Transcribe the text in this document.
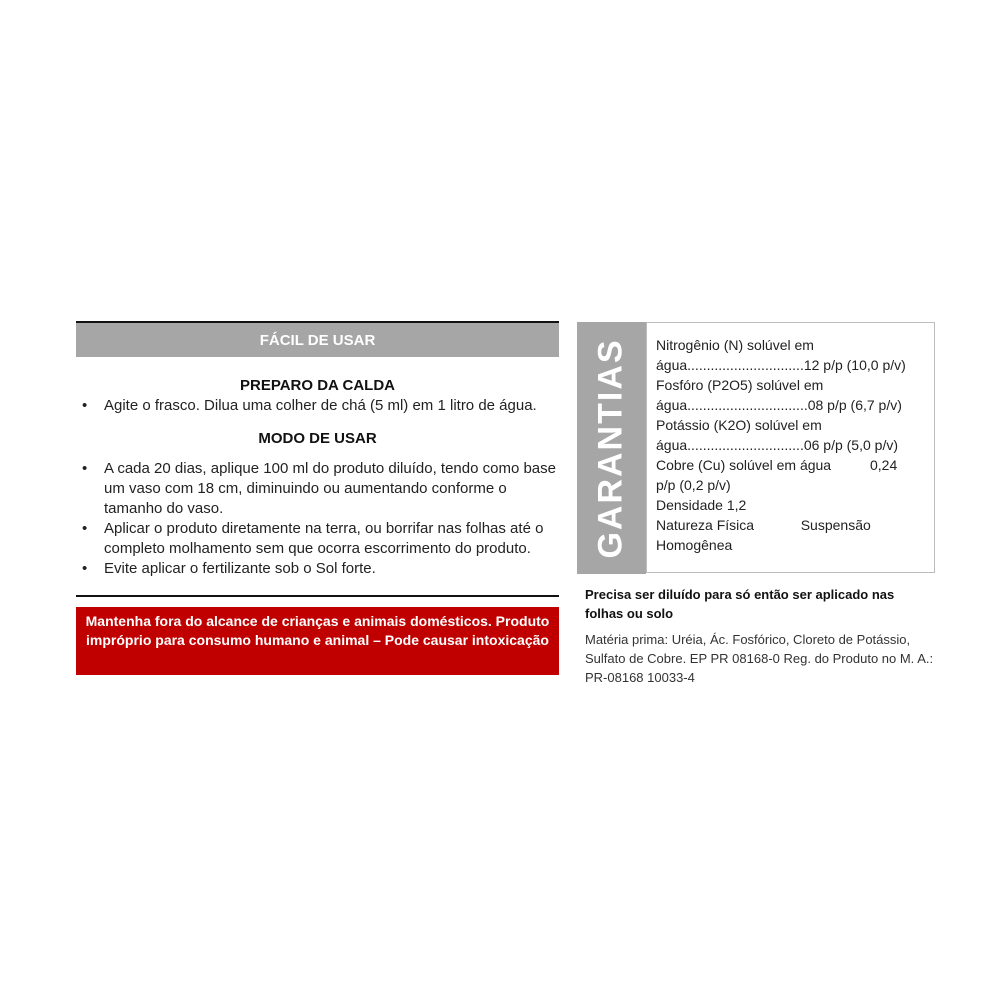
FÁCIL DE USAR
PREPARO DA CALDA
• Agite o frasco. Dilua uma colher de chá (5 ml) em 1 litro de água.
MODO DE USAR
• A cada 20 dias, aplique 100 ml do produto diluído, tendo como base um vaso com 18 cm, diminuindo ou aumentando conforme o tamanho do vaso.
• Aplicar o produto diretamente na terra, ou borrifar nas folhas até o completo molhamento sem que ocorra escorrimento do produto.
• Evite aplicar o fertilizante sob o Sol forte.
Mantenha fora do alcance de crianças e animais domésticos. Produto impróprio para consumo humano e animal – Pode causar intoxicação
GARANTIAS Nitrogênio (N) solúvel em
água..............................12 p/p (10,0 p/v)
Fosfóro (P2O5) solúvel em
água...............................08 p/p (6,7 p/v)
Potássio (K2O) solúvel em
água..............................06 p/p (5,0 p/v)
Cobre (Cu) solúvel em água          0,24
p/p (0,2 p/v)
Densidade 1,2
Natureza Física            Suspensão
Homogênea
Precisa ser diluído para só então ser aplicado nas folhas ou solo
Matéria prima: Uréia, Ác. Fosfórico, Cloreto de Potássio, Sulfato de Cobre. EP PR 08168-0 Reg. do Produto no M. A.: PR-08168 10033-4
